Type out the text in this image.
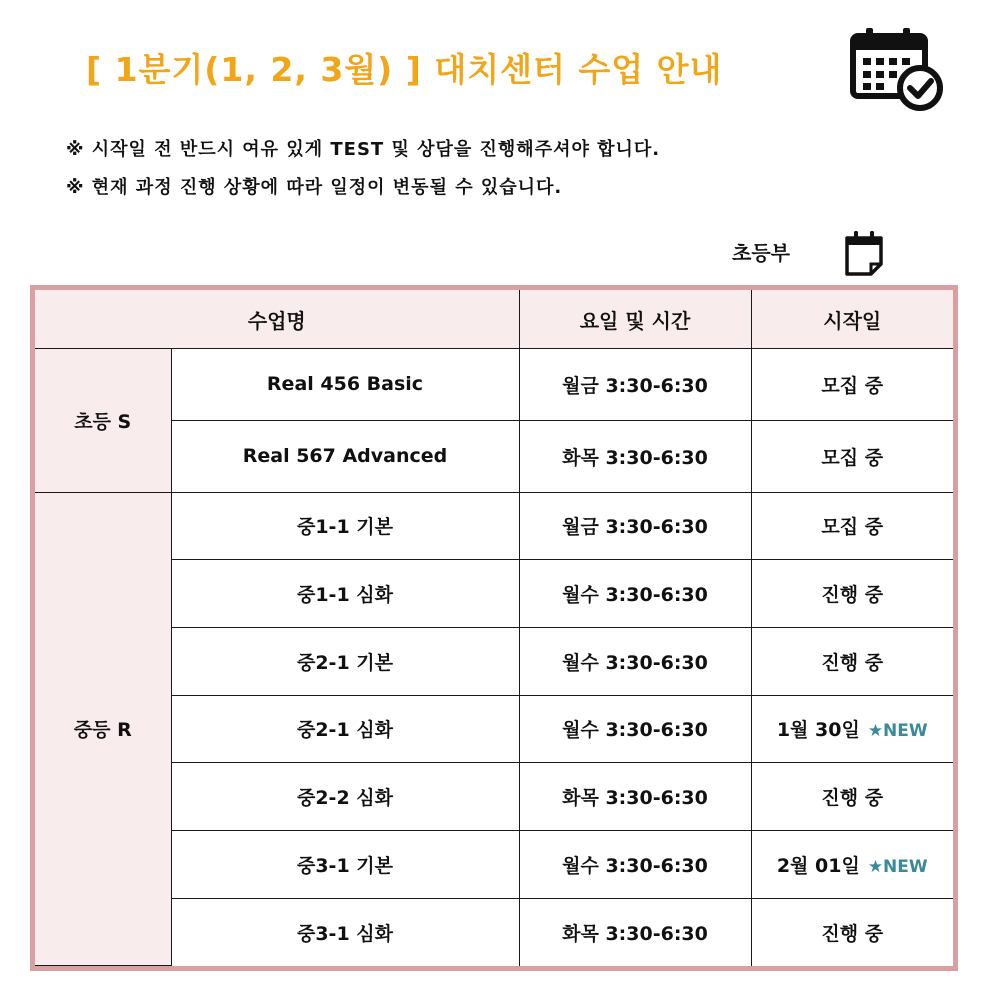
[ 1분기(1, 2, 3월) ] 대치센터 수업 안내
※ 시작일 전 반드시 여유 있게 TEST 및 상담을 진행해주셔야 합니다.
※ 현재 과정 진행 상황에 따라 일정이 변동될 수 있습니다.
초등부
수업명		요일 및 시간	시작일
초등 S	Real 456 Basic	월금 3:30-6:30	모집 중
	Real 567 Advanced	화목 3:30-6:30	모집 중
중등 R	중1-1 기본	월금 3:30-6:30	모집 중
	중1-1 심화	월수 3:30-6:30	진행 중
	중2-1 기본	월수 3:30-6:30	진행 중
	중2-1 심화	월수 3:30-6:30	1월 30일 ★NEW
	중2-2 심화	화목 3:30-6:30	진행 중
	중3-1 기본	월수 3:30-6:30	2월 01일 ★NEW
	중3-1 심화	화목 3:30-6:30	진행 중
